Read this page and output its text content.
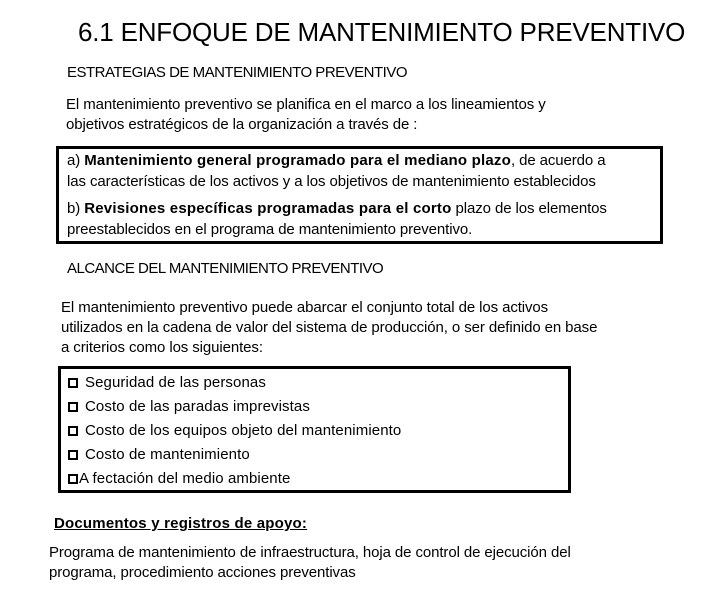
6.1 ENFOQUE DE MANTENIMIENTO PREVENTIVO
ESTRATEGIAS DE MANTENIMIENTO PREVENTIVO
El mantenimiento preventivo se planifica en el marco a los lineamientos y
objetivos estratégicos de la organización a través de :
a) Mantenimiento general programado para el mediano plazo, de acuerdo a
las características de los activos y a los objetivos de mantenimiento establecidos
b) Revisiones específicas programadas para el corto plazo de los elementos
preestablecidos en el programa de mantenimiento preventivo.
ALCANCE DEL MANTENIMIENTO PREVENTIVO
El mantenimiento preventivo puede abarcar el conjunto total de los activos
utilizados en la cadena de valor del sistema de producción, o ser definido en base
a criterios como los siguientes:
Seguridad de las personas
Costo de las paradas imprevistas
Costo de los equipos objeto del mantenimiento
Costo de mantenimiento
A fectación del medio ambiente
Documentos y registros de apoyo:
Programa de mantenimiento de infraestructura, hoja de control de ejecución del
programa, procedimiento acciones preventivas
